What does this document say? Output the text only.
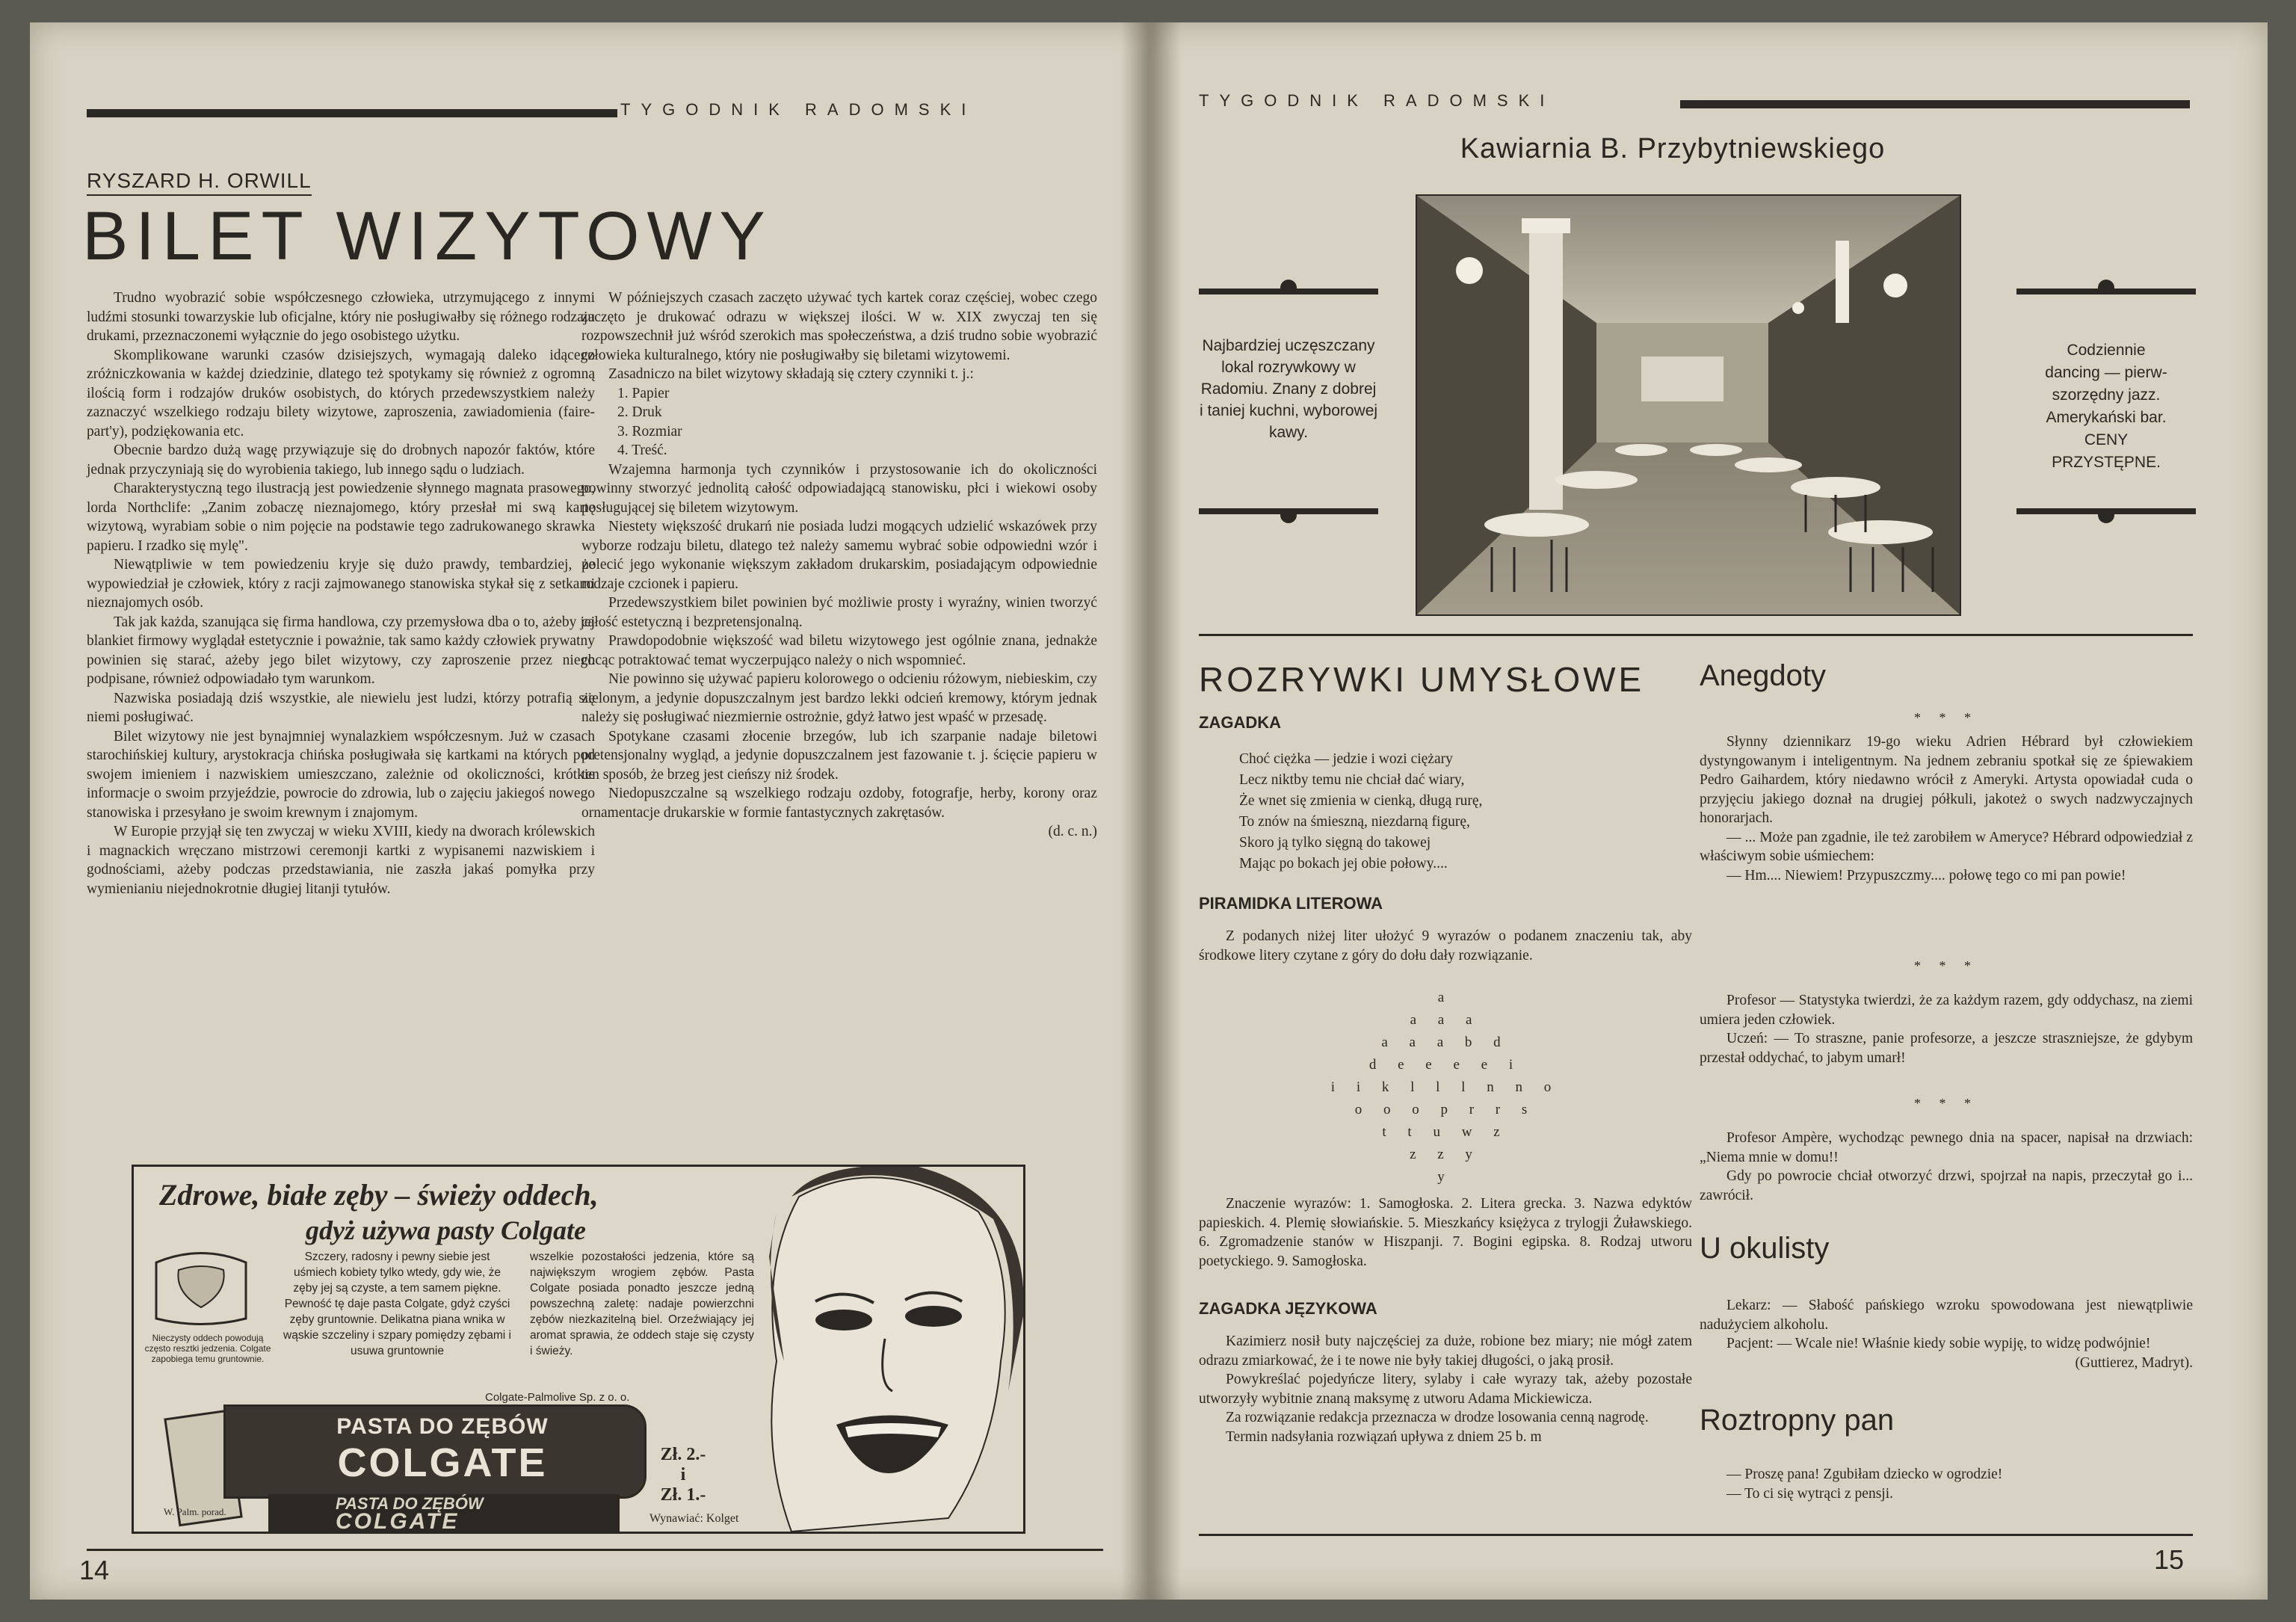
TYGODNIK RADOMSKI
RYSZARD H. ORWILL
BILET WIZYTOWY

Trudno wyobrazić sobie współczesnego człowieka, utrzymującego z innymi ludźmi stosunki towarzyskie lub oficjalne, który nie posługiwałby się różnego rodzaju drukami, przeznaczonemi wyłącznie do jego osobistego użytku.

Skomplikowane warunki czasów dzisiejszych, wymagają daleko idącego zróżniczkowania w każdej dziedzinie, dlatego też spotykamy się również z ogromną ilością form i rodzajów druków osobistych, do których przedewszystkiem należy zaznaczyć wszelkiego rodzaju bilety wizytowe, zaproszenia, zawiadomienia (faire-part'y), podziękowania etc.

Obecnie bardzo dużą wagę przywiązuje się do drobnych napozór faktów, które jednak przyczyniają się do wyrobienia takiego, lub innego sądu o ludziach.

Charakterystyczną tego ilustracją jest powiedzenie słynnego magnata prasowego, lorda Northclife: „Zanim zobaczę nieznajomego, który przesłał mi swą kartę wizytową, wyrabiam sobie o nim pojęcie na podstawie tego zadrukowanego skrawka papieru. I rzadko się mylę".

Niewątpliwie w tem powiedzeniu kryje się dużo prawdy, tembardziej, że wypowiedział je człowiek, który z racji zajmowanego stanowiska stykał się z setkami nieznajomych osób.

Tak jak każda, szanująca się firma handlowa, czy przemysłowa dba o to, ażeby jej blankiet firmowy wyglądał estetycznie i poważnie, tak samo każdy człowiek prywatny powinien się starać, ażeby jego bilet wizytowy, czy zaproszenie przez niego podpisane, również odpowiadało tym warunkom.

Nazwiska posiadają dziś wszystkie, ale niewielu jest ludzi, którzy potrafią się niemi posługiwać.

Bilet wizytowy nie jest bynajmniej wynalazkiem współczesnym. Już w czasach starochińskiej kultury, arystokracja chińska posługiwała się kartkami na których pod swojem imieniem i nazwiskiem umieszczano, zależnie od okoliczności, krótkie informacje o swoim przyjeździe, powrocie do zdrowia, lub o zajęciu jakiegoś nowego stanowiska i przesyłano je swoim krewnym i znajomym.

W Europie przyjął się ten zwyczaj w wieku XVIII, kiedy na dworach królewskich i magnackich wręczano mistrzowi ceremonji kartki z wypisanemi nazwiskiem i godnościami, ażeby podczas przedstawiania, nie zaszła jakaś pomyłka przy wymienianiu niejednokrotnie długiej litanji tytułów.

W późniejszych czasach zaczęto używać tych kartek coraz częściej, wobec czego zaczęto je drukować odrazu w większej ilości. W w. XIX zwyczaj ten się rozpowszechnił już wśród szerokich mas społeczeństwa, a dziś trudno sobie wyobrazić człowieka kulturalnego, który nie posługiwałby się biletami wizytowemi.

Zasadniczo na bilet wizytowy składają się cztery czynniki t. j.:

1. Papier
2. Druk
3. Rozmiar
4. Treść.

Wzajemna harmonja tych czynników i przystosowanie ich do okoliczności powinny stworzyć jednolitą całość odpowiadającą stanowisku, płci i wiekowi osoby posługującej się biletem wizytowym.

Niestety większość drukarń nie posiada ludzi mogących udzielić wskazówek przy wyborze rodzaju biletu, dlatego też należy samemu wybrać sobie odpowiedni wzór i polecić jego wykonanie większym zakładom drukarskim, posiadającym odpowiednie rodzaje czcionek i papieru.

Przedewszystkiem bilet powinien być możliwie prosty i wyraźny, winien tworzyć całość estetyczną i bezpretensjonalną.

Prawdopodobnie większość wad biletu wizytowego jest ogólnie znana, jednakże chcąc potraktować temat wyczerpująco należy o nich wspomnieć.

Nie powinno się używać papieru kolorowego o odcieniu różowym, niebieskim, czy zielonym, a jedynie dopuszczalnym jest bardzo lekki odcień kremowy, którym jednak należy się posługiwać niezmiernie ostrożnie, gdyż łatwo jest wpaść w przesadę.

Spotykane czasami złocenie brzegów, lub ich szarpanie nadaje biletowi pretensjonalny wygląd, a jedynie dopuszczalnem jest fazowanie t. j. ścięcie papieru w ten sposób, że brzeg jest cieńszy niż środek.

Niedopuszczalne są wszelkiego rodzaju ozdoby, fotografje, herby, korony oraz ornamentacje drukarskie w formie fantastycznych zakrętasów.

(d. c. n.)
Zdrowe, białe zęby – świeży oddech,
gdyż używa pasty Colgate
Nieczysty oddech powodują często resztki jedzenia. Colgate zapobiega temu gruntownie.
Szczery, radosny i pewny siebie jest uśmiech kobiety tylko wtedy, gdy wie, że zęby jej są czyste, a tem samem piękne. Pewność tę daje pasta Colgate, gdyż czyści zęby gruntownie. Delikatna piana wnika w wąskie szczeliny i szpary pomiędzy zębami i usuwa gruntownie
wszelkie pozostałości jedzenia, które są największym wrogiem zębów. Pasta Colgate posiada ponadto jeszcze jedną powszechną zaletę: nadaje powierzchni zębów niezkazitelną biel. Orzeźwiający jej aromat sprawia, że oddech staje się czysty i świeży.
Colgate-Palmolive Sp. z o. o.
PASTA DO ZĘBÓW
COLGATE
PASTA DO ZĘBÓW
COLGATE
W. Palm. porad.
Zł. 2.-
i
Zł. 1.-
Wynawiać: Kolget
14
TYGODNIK RADOMSKI
Kawiarnia B. Przybytniewskiego
Najbardziej uczęszczany lokal rozrywkowy w Radomiu. Znany z dobrej i taniej kuchni, wyborowej kawy.
Codziennie
dancing — pierw-
szorzędny jazz.
Amerykański bar.
CENY
PRZYSTĘPNE.
ROZRYWKI UMYSŁOWE
ZAGADKA
Choć ciężka — jedzie i wozi ciężary
Lecz niktby temu nie chciał dać wiary,
Że wnet się zmienia w cienką, długą rurę,
To znów na śmieszną, niezdarną figurę,
Skoro ją tylko sięgną do takowej
Mając po bokach jej obie połowy....
PIRAMIDKA LITEROWA

Z podanych niżej liter ułożyć 9 wyrazów o podanem znaczeniu tak, aby środkowe litery czytane z góry do dołu dały rozwiązanie.

a
a a a
a a a b d
d e e e e i
i i k l l l n n o
o o o p r r s
t t u w z
z z y
y

Znaczenie wyrazów: 1. Samogłoska. 2. Litera grecka. 3. Nazwa edyktów papieskich. 4. Plemię słowiańskie. 5. Mieszkańcy księżyca z trylogji Żuławskiego. 6. Zgromadzenie stanów w Hiszpanji. 7. Bogini egipska. 8. Rodzaj utworu poetyckiego. 9. Samogłoska.

ZAGADKA JĘZYKOWA

Kazimierz nosił buty najczęściej za duże, robione bez miary; nie mógł zatem odrazu zmiarkować, że i te nowe nie były takiej długości, o jaką prosił.

Powykreślać pojedyńcze litery, sylaby i całe wyrazy tak, ażeby pozostałe utworzyły wybitnie znaną maksymę z utworu Adama Mickiewicza.

Za rozwiązanie redakcja przeznacza w drodze losowania cenną nagrodę.

Termin nadsyłania rozwiązań upływa z dniem 25 b. m

Anegdoty
* * *

Słynny dziennikarz 19-go wieku Adrien Hébrard był człowiekiem dystyngowanym i inteligentnym. Na jednem zebraniu spotkał się ze śpiewakiem Pedro Gaihardem, który niedawno wrócił z Ameryki. Artysta opowiadał cuda o przyjęciu jakiego doznał na drugiej półkuli, jakoteż o swych nadzwyczajnych honorarjach.

— ... Może pan zgadnie, ile też zarobiłem w Ameryce? Hébrard odpowiedział z właściwym sobie uśmiechem:

— Hm.... Niewiem! Przypuszczmy.... połowę tego co mi pan powie!

* * *

Profesor — Statystyka twierdzi, że za każdym razem, gdy oddychasz, na ziemi umiera jeden człowiek.

Uczeń: — To straszne, panie profesorze, a jeszcze straszniejsze, że gdybym przestał oddychać, to jabym umarł!

* * *

Profesor Ampère, wychodząc pewnego dnia na spacer, napisał na drzwiach: „Niema mnie w domu!!

Gdy po powrocie chciał otworzyć drzwi, spojrzał na napis, przeczytał go i... zawrócił.

U okulisty

Lekarz: — Słabość pańskiego wzroku spowodowana jest niewątpliwie nadużyciem alkoholu.

Pacjent: — Wcale nie! Właśnie kiedy sobie wypiję, to widzę podwójnie!

(Guttierez, Madryt).
Roztropny pan

— Proszę pana! Zgubiłam dziecko w ogrodzie!

— To ci się wytrąci z pensji.

15
